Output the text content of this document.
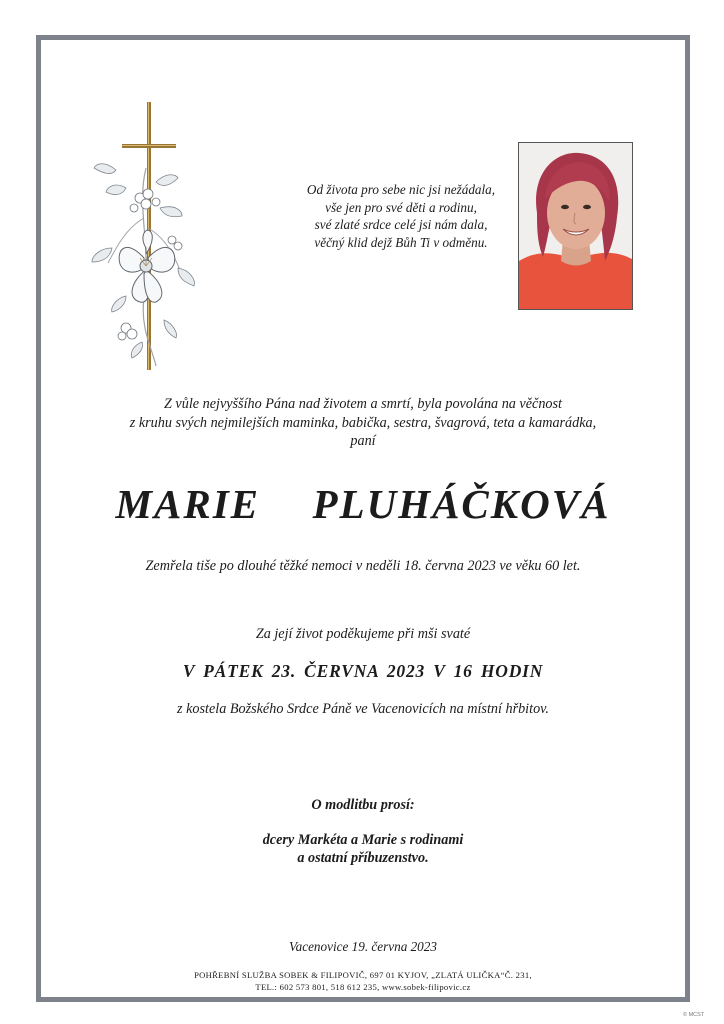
Od života pro sebe nic jsi nežádala,
vše jen pro své děti a rodinu,
své zlaté srdce celé jsi nám dala,
věčný klid dejž Bůh Ti v odměnu.
Z vůle nejvyššího Pána nad životem a smrtí, byla povolána na věčnost
z kruhu svých nejmilejších maminka, babička, sestra, švagrová, teta a kamarádka,
paní
MARIE  PLUHÁČKOVÁ
Zemřela tiše po dlouhé těžké nemoci v neděli 18. června 2023 ve věku 60 let.
Za její život poděkujeme při mši svaté
V PÁTEK 23. ČERVNA 2023 V 16 HODIN
z kostela Božského Srdce Páně ve Vacenovicích na místní hřbitov.
O modlitbu prosí:
dcery Markéta a Marie s rodinami
a ostatní příbuzenstvo.
Vacenovice 19. června 2023
POHŘEBNÍ SLUŽBA SOBEK & FILIPOVIČ, 697 01 KYJOV, „ZLATÁ ULIČKA“Č. 231,
TEL.: 602 573 801, 518 612 235, www.sobek-filipovic.cz
© MCST
